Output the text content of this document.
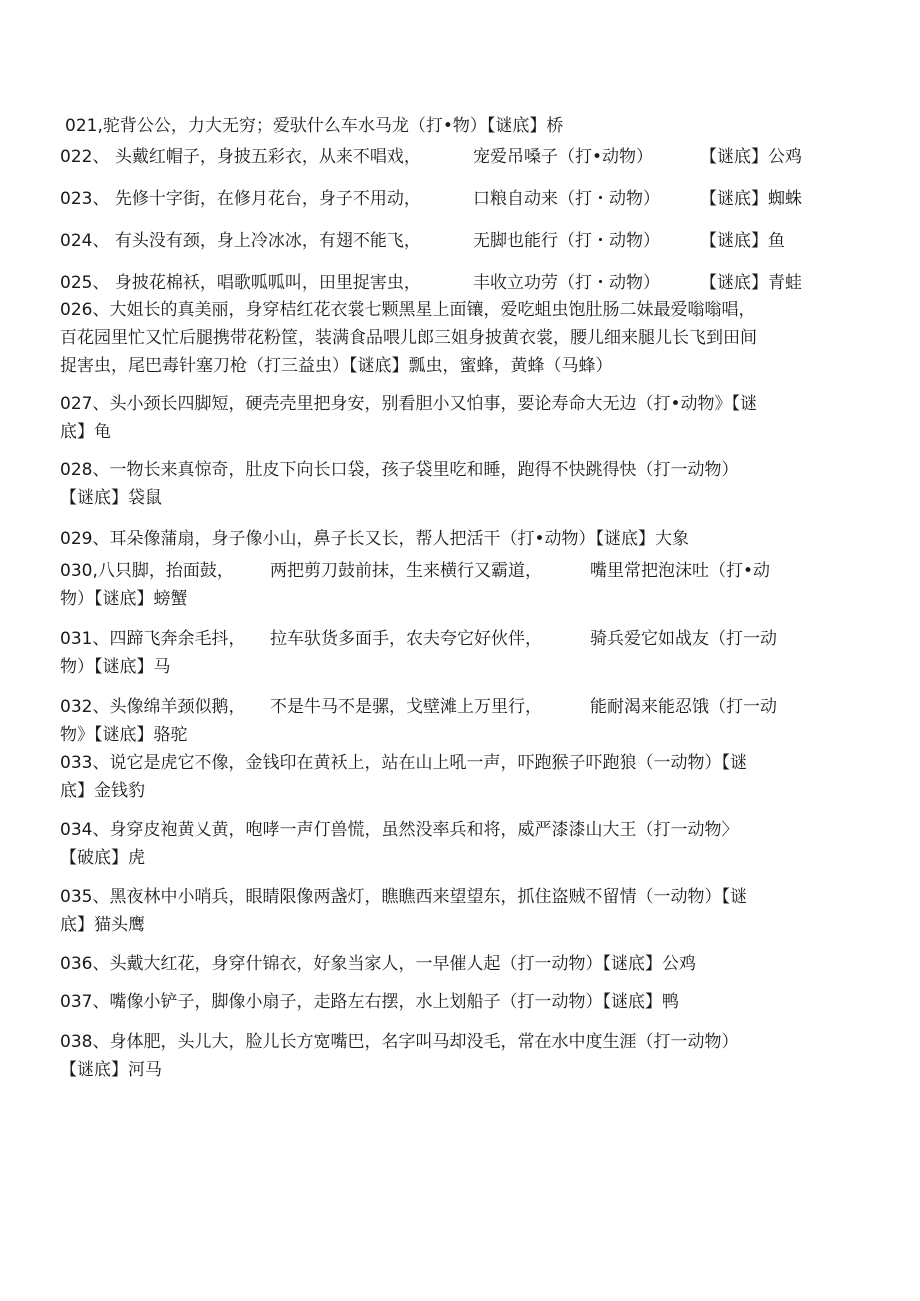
021,驼背公公，力大无穷；爱驮什么车水马龙（打•物）【谜底】桥
022、 头戴红帽子，身披五彩衣，从来不唱戏，	宠爱吊嗓子（打•动物）	【谜底】公鸡
023、 先修十字街，在修月花台，身子不用动，	口粮自动来（打・动物） 【谜底】蜘蛛
024、 有头没有颈，身上冷冰冰，有翅不能飞，	无脚也能行（打・动物） 【谜底】鱼
025、 身披花棉袄，唱歌呱呱叫，田里捉害虫，	丰收立功劳（打・动物） 【谜底】青蛙
026、大姐长的真美丽，身穿桔红花衣裳七颗黑星上面镶，爱吃蛆虫饱肚肠二妹最爱嗡嗡唱，
百花园里忙又忙后腿携带花粉筐，装满食品喂儿郎三姐身披黄衣裳，腰儿细来腿儿长飞到田间
捉害虫，尾巴毒针塞刀枪（打三益虫）【谜底】瓢虫，蜜蜂，黄蜂（马蜂）
027、头小颈长四脚短，硬壳壳里把身安，别看胆小又怕事，要论寿命大无边（打•动物》【谜
底】龟
028、一物长来真惊奇，肚皮下向长口袋，孩子袋里吃和睡，跑得不快跳得快（打一动物）
【谜底】袋鼠
029、耳朵像蒲扇，身子像小山，鼻子长又长，帮人把活干（打•动物）【谜底】大象
030,八只脚，抬面鼓， 两把剪刀鼓前抹，生来横行又霸道，	嘴里常把泡沫吐（打•动
物）【谜底】螃蟹
031、四蹄飞奔余毛抖， 拉车驮货多面手，农夫夸它好伙伴，	骑兵爱它如战友（打一动
物）【谜底】马
032、头像绵羊颈似鹅， 不是牛马不是骡，戈壁滩上万里行，	能耐渴来能忍饿（打一动
物》【谜底】骆驼
033、说它是虎它不像，金钱印在黄袄上，站在山上吼一声，吓跑猴子吓跑狼（一动物）【谜
底】金钱豹
034、身穿皮袍黄乂黄，咆哮一声仃兽慌，虽然没率兵和将，威严漆漆山大王（打一动物〉
【破底】虎
035、黑夜林中小哨兵，眼睛限像两盏灯，瞧瞧西来望望东，抓住盗贼不留情（一动物）【谜
底】猫头鹰
036、头戴大红花，身穿什锦衣，好象当家人，一早催人起（打一动物）【谜底】公鸡
037、嘴像小铲子，脚像小扇子，走路左右摆，水上划船子（打一动物）【谜底】鸭
038、身体肥，头儿大，脸儿长方宽嘴巴，名字叫马却没毛，常在水中度生涯（打一动物）
【谜底】河马
